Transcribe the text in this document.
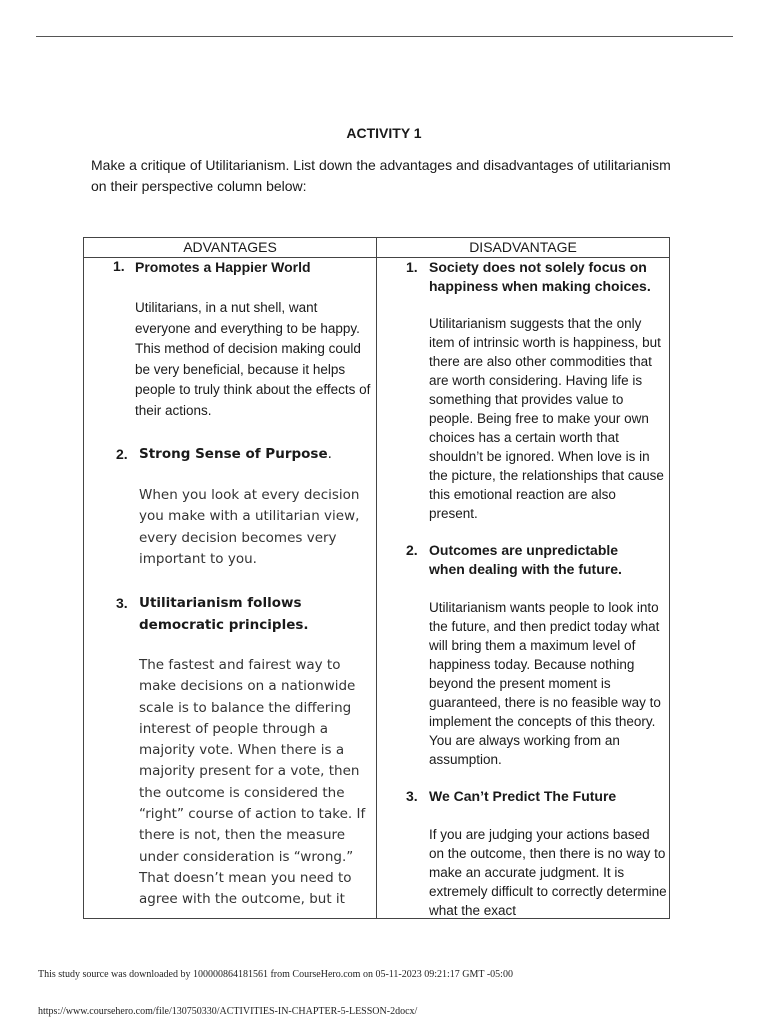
ACTIVITY 1
Make a critique of Utilitarianism. List down the advantages and disadvantages of utilitarianism on their perspective column below:
ADVANTAGES
1. Promotes a Happier World
Utilitarians, in a nut shell, want everyone and everything to be happy. This method of decision making could be very beneficial, because it helps people to truly think about the effects of their actions.
2. Strong Sense of Purpose.
When you look at every decision you make with a utilitarian view, every decision becomes very important to you.
3. Utilitarianism follows democratic principles.
The fastest and fairest way to make decisions on a nationwide scale is to balance the differing interest of people through a majority vote. When there is a majority present for a vote, then the outcome is considered the “right” course of action to take. If there is not, then the measure under consideration is “wrong.” That doesn’t mean you need to agree with the outcome, but it
DISADVANTAGE
1. Society does not solely focus on happiness when making choices.
Utilitarianism suggests that the only item of intrinsic worth is happiness, but there are also other commodities that are worth considering. Having life is something that provides value to people. Being free to make your own choices has a certain worth that shouldn’t be ignored. When love is in the picture, the relationships that cause this emotional reaction are also present.
2. Outcomes are unpredictable when dealing with the future.
Utilitarianism wants people to look into the future, and then predict today what will bring them a maximum level of happiness today. Because nothing beyond the present moment is guaranteed, there is no feasible way to implement the concepts of this theory. You are always working from an assumption.
3. We Can’t Predict The Future
If you are judging your actions based on the outcome, then there is no way to make an accurate judgment. It is extremely difficult to correctly determine what the exact
This study source was downloaded by 100000864181561 from CourseHero.com on 05-11-2023 09:21:17 GMT -05:00
https://www.coursehero.com/file/130750330/ACTIVITIES-IN-CHAPTER-5-LESSON-2docx/
